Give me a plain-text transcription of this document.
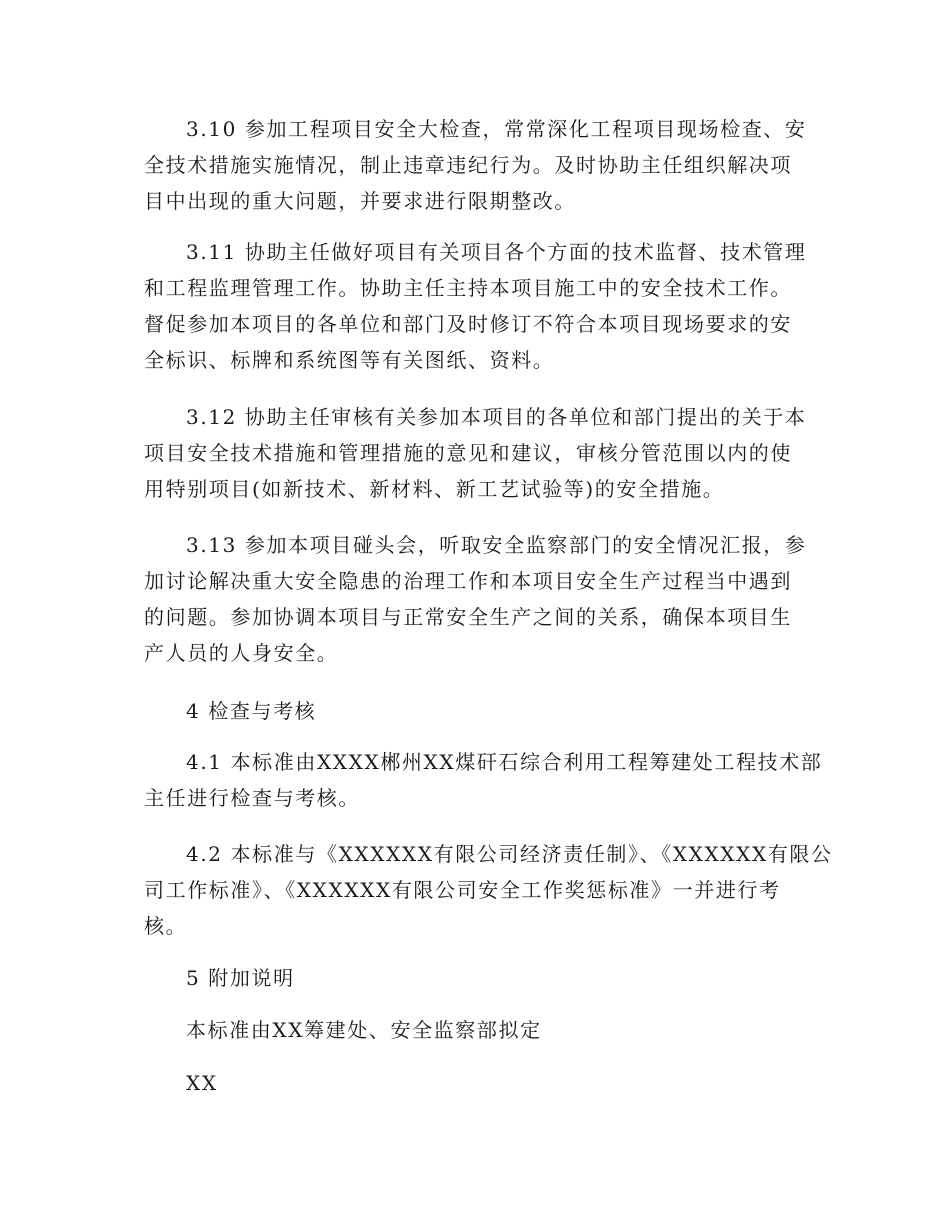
3.10 参加工程项目安全大检查，常常深化工程项目现场检查、安

全技术措施实施情况，制止违章违纪行为。及时协助主任组织解决项

目中出现的重大问题，并要求进行限期整改。

3.11 协助主任做好项目有关项目各个方面的技术监督、技术管理

和工程监理管理工作。协助主任主持本项目施工中的安全技术工作。

督促参加本项目的各单位和部门及时修订不符合本项目现场要求的安

全标识、标牌和系统图等有关图纸、资料。

3.12 协助主任审核有关参加本项目的各单位和部门提出的关于本

项目安全技术措施和管理措施的意见和建议，审核分管范围以内的使

用特别项目(如新技术、新材料、新工艺试验等)的安全措施。

3.13 参加本项目碰头会，听取安全监察部门的安全情况汇报，参

加讨论解决重大安全隐患的治理工作和本项目安全生产过程当中遇到

的问题。参加协调本项目与正常安全生产之间的关系，确保本项目生

产人员的人身安全。

4 检查与考核

4.1 本标准由XXXX郴州XX煤矸石综合利用工程筹建处工程技术部

主任进行检查与考核。

4.2 本标准与《XXXXXX有限公司经济责任制》、《XXXXXX有限公

司工作标准》、《XXXXXX有限公司安全工作奖惩标准》一并进行考

核。

5 附加说明

本标准由XX筹建处、安全监察部拟定

XX
